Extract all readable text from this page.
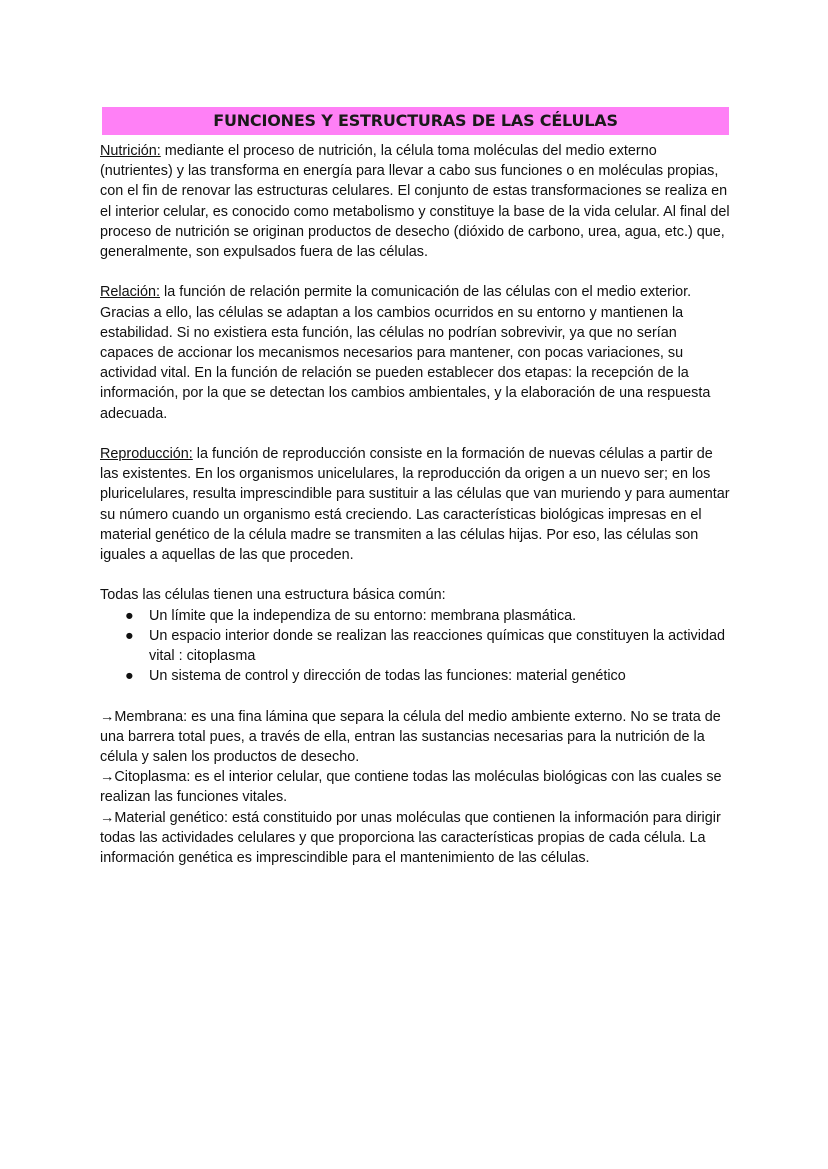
FUNCIONES Y ESTRUCTURAS DE LAS CÉLULAS

Nutrición: mediante el proceso de nutrición, la célula toma moléculas del medio externo (nutrientes) y las transforma en energía para llevar a cabo sus funciones o en moléculas propias, con el fin de renovar las estructuras celulares. El conjunto de estas transformaciones se realiza en el interior celular, es conocido como metabolismo y constituye la base de la vida celular. Al final del proceso de nutrición se originan productos de desecho (dióxido de carbono, urea, agua, etc.) que, generalmente, son expulsados fuera de las células.

Relación: la función de relación permite la comunicación de las células con el medio exterior. Gracias a ello, las células se adaptan a los cambios ocurridos en su entorno y mantienen la estabilidad. Si no existiera esta función, las células no podrían sobrevivir, ya que no serían capaces de accionar los mecanismos necesarios para mantener, con pocas variaciones, su actividad vital. En la función de relación se pueden establecer dos etapas: la recepción de la información, por la que se detectan los cambios ambientales, y la elaboración de una respuesta adecuada.

Reproducción: la función de reproducción consiste en la formación de nuevas células a partir de las existentes. En los organismos unicelulares, la reproducción da origen a un nuevo ser; en los pluricelulares, resulta imprescindible para sustituir a las células que van muriendo y para aumentar su número cuando un organismo está creciendo. Las características biológicas impresas en el material genético de la célula madre se transmiten a las células hijas. Por eso, las células son iguales a aquellas de las que proceden.

Todas las células tienen una estructura básica común:

● Un límite que la independiza de su entorno: membrana plasmática.
● Un espacio interior donde se realizan las reacciones químicas que constituyen la actividad vital : citoplasma
● Un sistema de control y dirección de todas las funciones: material genético

→Membrana: es una fina lámina que separa la célula del medio ambiente externo. No se trata de una barrera total pues, a través de ella, entran las sustancias necesarias para la nutrición de la célula y salen los productos de desecho.

→Citoplasma: es el interior celular, que contiene todas las moléculas biológicas con las cuales se realizan las funciones vitales.

→Material genético: está constituido por unas moléculas que contienen la información para dirigir todas las actividades celulares y que proporciona las características propias de cada célula. La información genética es imprescindible para el mantenimiento de las células.
